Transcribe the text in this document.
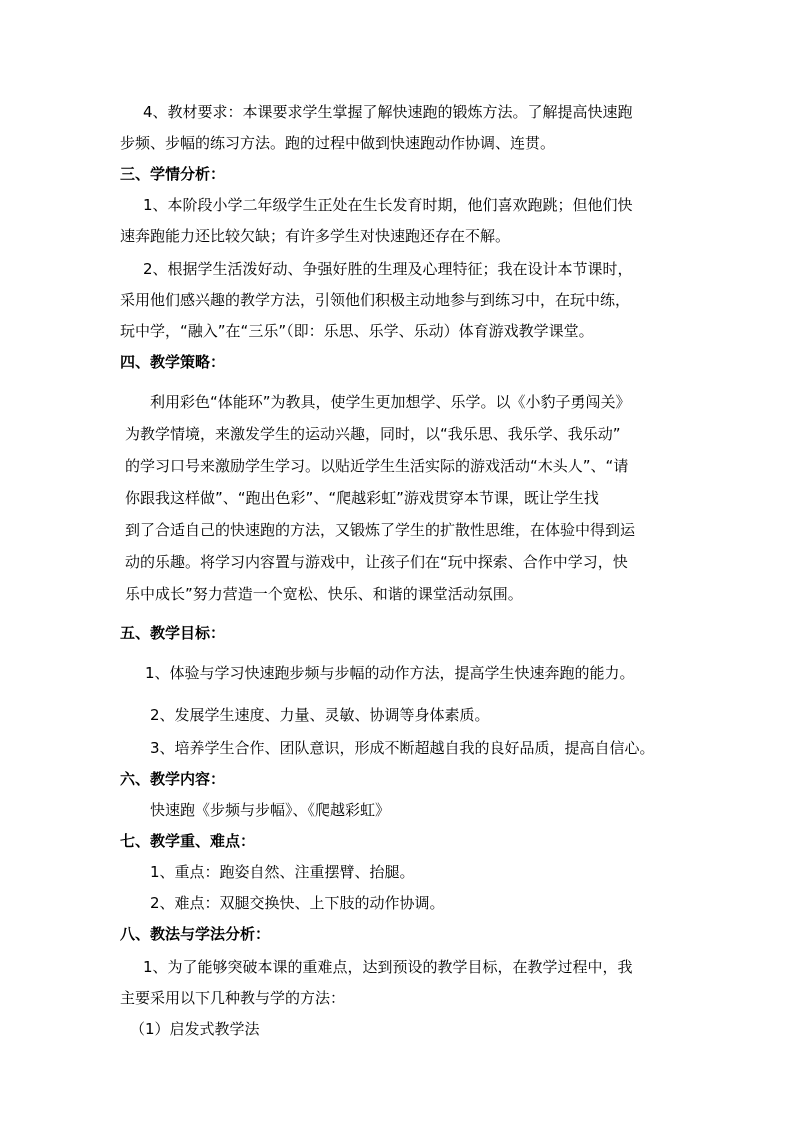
4、教材要求：本课要求学生掌握了解快速跑的锻炼方法。了解提高快速跑
步频、步幅的练习方法。跑的过程中做到快速跑动作协调、连贯。
三、学情分析：
1、本阶段小学二年级学生正处在生长发育时期，他们喜欢跑跳；但他们快
速奔跑能力还比较欠缺；有许多学生对快速跑还存在不解。
2、根据学生活泼好动、争强好胜的生理及心理特征；我在设计本节课时，
采用他们感兴趣的教学方法，引领他们积极主动地参与到练习中，在玩中练，
玩中学，“融入”在“三乐”（即：乐思、乐学、乐动）体育游戏教学课堂。
四、教学策略：
利用彩色“体能环”为教具，使学生更加想学、乐学。以《小豹子勇闯关》
为教学情境，来激发学生的运动兴趣，同时，以“我乐思、我乐学、我乐动”
的学习口号来激励学生学习。以贴近学生生活实际的游戏活动“木头人”、“请
你跟我这样做”、“跑出色彩”、“爬越彩虹”游戏贯穿本节课，既让学生找
到了合适自己的快速跑的方法，又锻炼了学生的扩散性思维，在体验中得到运
动的乐趣。将学习内容置与游戏中，让孩子们在“玩中探索、合作中学习，快
乐中成长”努力营造一个宽松、快乐、和谐的课堂活动氛围。
五、教学目标：
1、体验与学习快速跑步频与步幅的动作方法，提高学生快速奔跑的能力。
2、发展学生速度、力量、灵敏、协调等身体素质。
3、培养学生合作、团队意识，形成不断超越自我的良好品质，提高自信心。
六、教学内容：
快速跑《步频与步幅》、《爬越彩虹》
七、教学重、难点：
1、重点：跑姿自然、注重摆臂、抬腿。
2、难点：双腿交换快、上下肢的动作协调。
八、教法与学法分析：
1、为了能够突破本课的重难点，达到预设的教学目标，在教学过程中，我
主要采用以下几种教与学的方法：
（1）启发式教学法
